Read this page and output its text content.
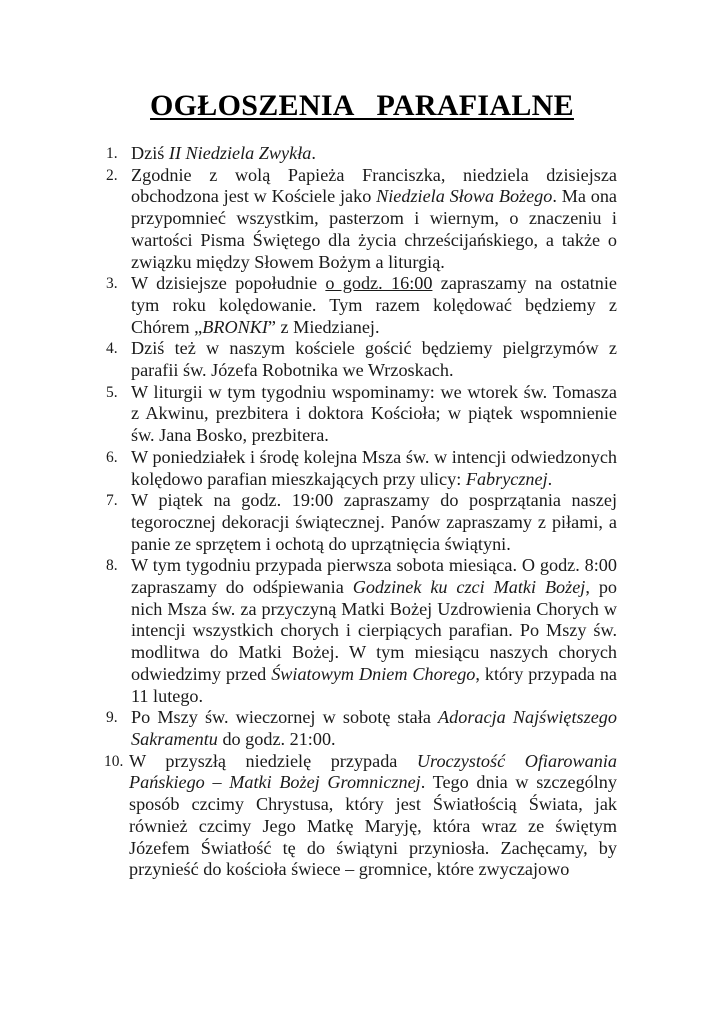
OGŁOSZENIA   PARAFIALNE
1. Dziś II Niedziela Zwykła.
2. Zgodnie z wolą Papieża Franciszka, niedziela dzisiejsza obchodzona jest w Kościele jako Niedziela Słowa Bożego. Ma ona przypomnieć wszystkim, pasterzom i wiernym, o znaczeniu i wartości Pisma Świętego dla życia chrześcijańskiego, a także o związku między Słowem Bożym a liturgią.
3. W dzisiejsze popołudnie o godz. 16:00 zapraszamy na ostatnie tym roku kolędowanie. Tym razem kolędować będziemy z Chórem „BRONKI” z Miedzianej.
4. Dziś też w naszym kościele gościć będziemy pielgrzymów z parafii św. Józefa Robotnika we Wrzoskach.
5. W liturgii w tym tygodniu wspominamy: we wtorek św. Tomasza z Akwinu, prezbitera i doktora Kościoła; w piątek wspomnienie św. Jana Bosko, prezbitera.
6. W poniedziałek i środę kolejna Msza św. w intencji odwiedzonych kolędowo parafian mieszkających przy ulicy: Fabrycznej.
7. W piątek na godz. 19:00 zapraszamy do posprzątania naszej tegorocznej dekoracji świątecznej. Panów zapraszamy z piłami, a panie ze sprzętem i ochotą do uprzątnięcia świątyni.
8. W tym tygodniu przypada pierwsza sobota miesiąca. O godz. 8:00 zapraszamy do odśpiewania Godzinek ku czci Matki Bożej, po nich Msza św. za przyczyną Matki Bożej Uzdrowienia Chorych w intencji wszystkich chorych i cierpiących parafian. Po Mszy św. modlitwa do Matki Bożej. W tym miesiącu naszych chorych odwiedzimy przed Światowym Dniem Chorego, który przypada na 11 lutego.
9. Po Mszy św. wieczornej w sobotę stała Adoracja Najświętszego Sakramentu do godz. 21:00.
10. W przyszłą niedzielę przypada Uroczystość Ofiarowania Pańskiego – Matki Bożej Gromnicznej. Tego dnia w szczególny sposób czcimy Chrystusa, który jest Światłością Świata, jak również czcimy Jego Matkę Maryję, która wraz ze świętym Józefem Światłość tę do świątyni przyniosła. Zachęcamy, by przynieść do kościoła świece – gromnice, które zwyczajowo
